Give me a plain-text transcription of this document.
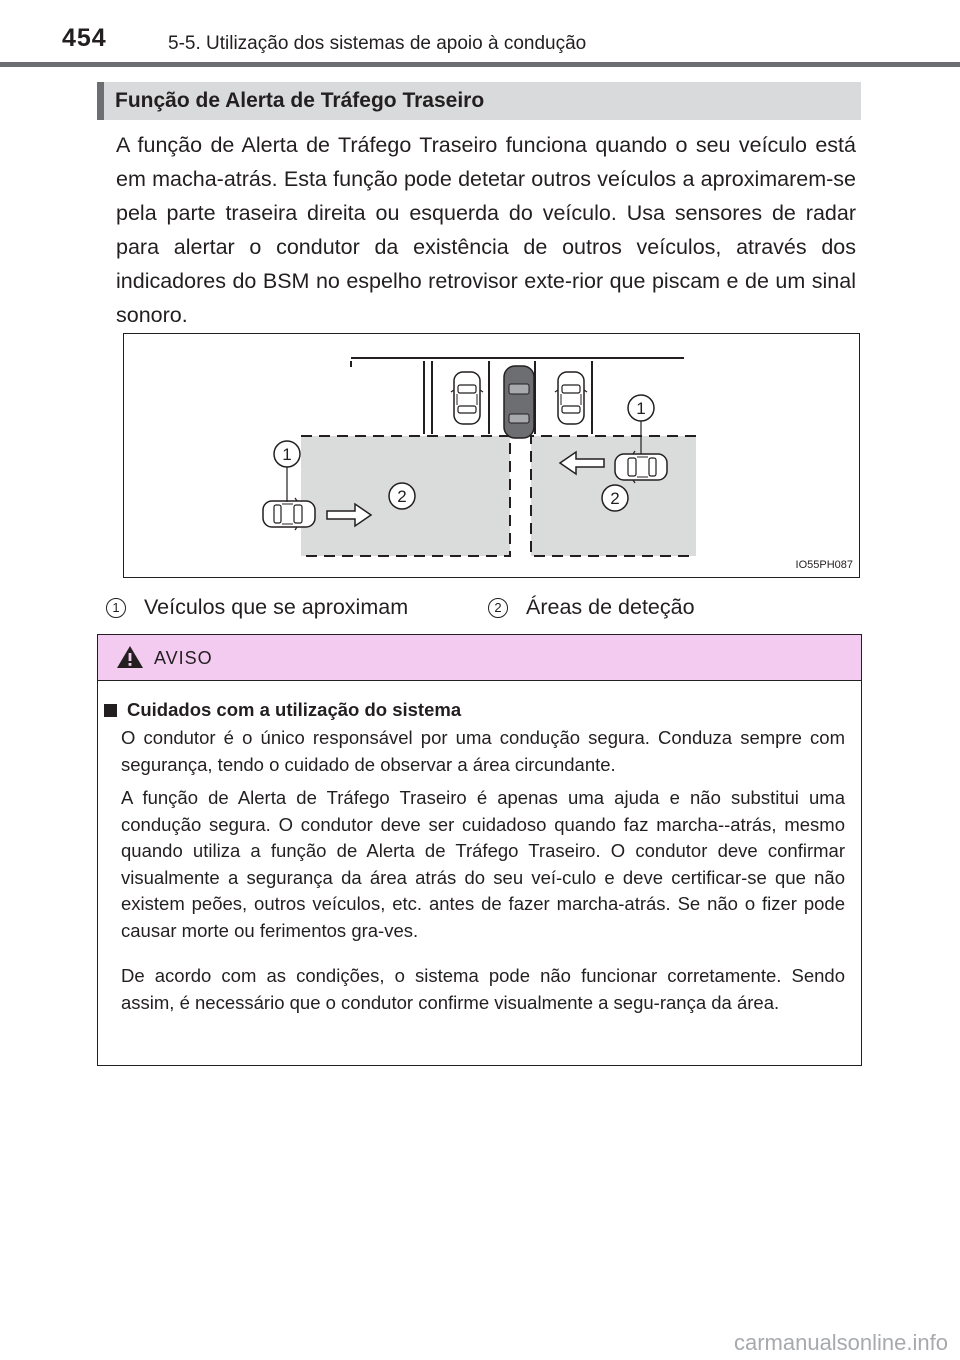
454	5-5. Utilização dos sistemas de apoio à condução
Função de Alerta de Tráfego Traseiro

A função de Alerta de Tráfego Traseiro funciona quando o seu veículo está em macha-atrás. Esta função pode detetar outros veículos a aproximarem-se pela parte traseira direita ou esquerda do veículo. Usa sensores de radar para alertar o condutor da existência de outros veículos, através dos indicadores do BSM no espelho retrovisor exte-rior que piscam e de um sinal sonoro.

1
1
2	2
IO55PH087
1 Veículos que se aproximam	2 Áreas de deteção
AVISO
Cuidados com a utilização do sistema

O condutor é o único responsável por uma condução segura. Conduza sempre com segurança, tendo o cuidado de observar a área circundante.

A função de Alerta de Tráfego Traseiro é apenas uma ajuda e não substitui uma condução segura. O condutor deve ser cuidadoso quando faz marcha--atrás, mesmo quando utiliza a função de Alerta de Tráfego Traseiro. O condutor deve confirmar visualmente a segurança da área atrás do seu veí-culo e deve certificar-se que não existem peões, outros veículos, etc. antes de fazer marcha-atrás. Se não o fizer pode causar morte ou ferimentos gra-ves.

De acordo com as condições, o sistema pode não funcionar corretamente. Sendo assim, é necessário que o condutor confirme visualmente a segu-rança da área.

carmanualsonline.info
